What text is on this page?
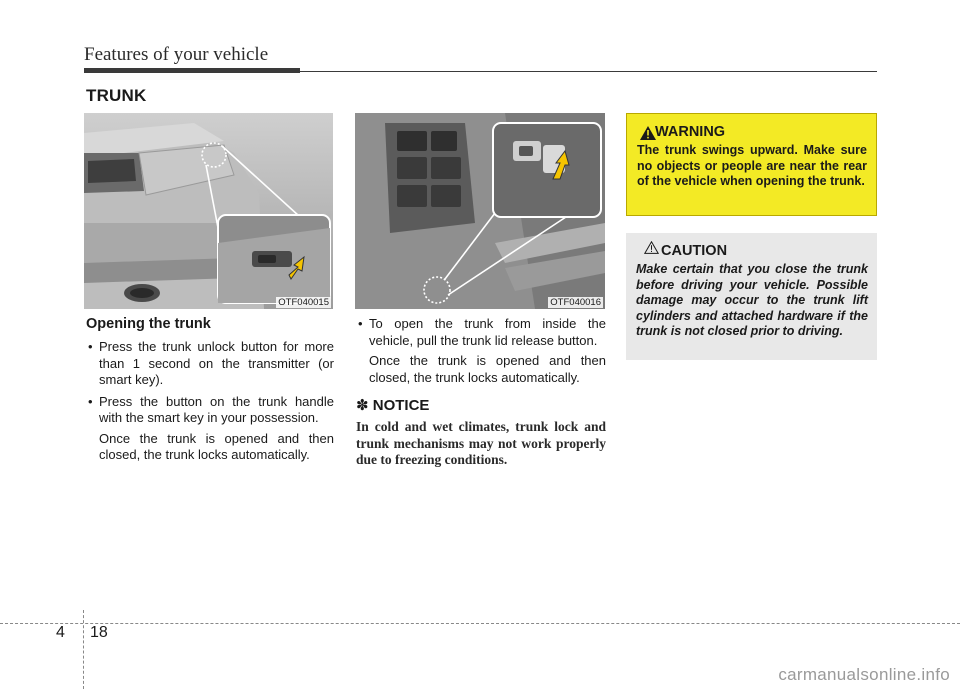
Features of your vehicle
TRUNK
OTF040015	OTF040016
Opening the trunk
• Press the trunk unlock button for more than 1 second on the transmitter (or smart key).
• Press the button on the trunk handle with the smart key in your possession.
Once the trunk is opened and then closed, the trunk locks automatically.
• To open the trunk from inside the vehicle, pull the trunk lid release button.
Once the trunk is opened and then closed, the trunk locks automatically.
✽ NOTICE
In cold and wet climates, trunk lock and trunk mechanisms may not work properly due to freezing conditions.
WARNING
The trunk swings upward. Make sure no objects or people are near the rear of the vehicle when opening the trunk.
CAUTION
Make certain that you close the trunk before driving your vehicle. Possible damage may occur to the trunk lift cylinders and attached hardware if the trunk is not closed prior to driving.
4 18
carmanualsonline.info
